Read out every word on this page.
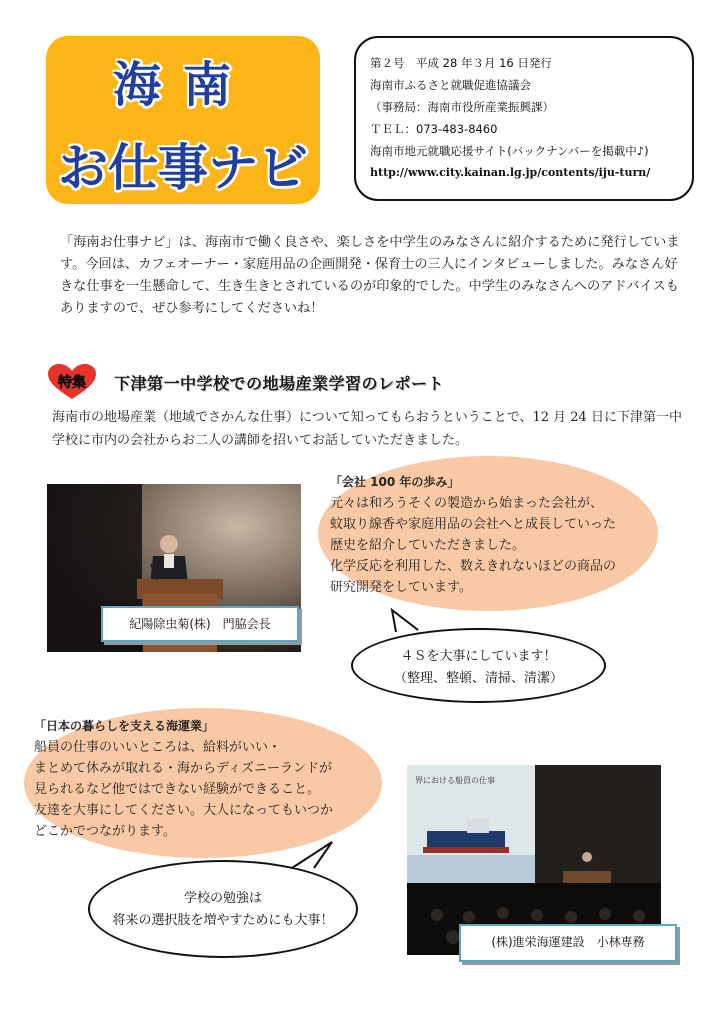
海南
お仕事ナビ
第２号　平成 28 年３月 16 日発行
海南市ふるさと就職促進協議会
（事務局：海南市役所産業振興課）
ＴＥＬ：073-483-8460
海南市地元就職応援サイト(バックナンバーを掲載中♪)
http://www.city.kainan.lg.jp/contents/iju-turn/
「海南お仕事ナビ」は、海南市で働く良さや、楽しさを中学生のみなさんに紹介するために発行しています。今回は、カフェオーナー・家庭用品の企画開発・保育士の三人にインタビューしました。みなさん好きな仕事を一生懸命して、生き生きとされているのが印象的でした。中学生のみなさんへのアドバイスもありますので、ぜひ参考にしてくださいね！
特集 下津第一中学校での地場産業学習のレポート
海南市の地場産業（地域でさかんな仕事）について知ってもらおうということで、12 月 24 日に下津第一中学校に市内の会社からお二人の講師を招いてお話していただきました。
紀陽除虫菊(株)　門脇会長
「会社 100 年の歩み」
元々は和ろうそくの製造から始まった会社が、
蚊取り線香や家庭用品の会社へと成長していった
歴史を紹介していただきました。
化学反応を利用した、数えきれないほどの商品の
研究開発をしています。
４Ｓを大事にしています！
（整理、整頓、清掃、清潔）
「日本の暮らしを支える海運業」
船員の仕事のいいところは、給料がいい・
まとめて休みが取れる・海からディズニーランドが
見られるなど他ではできない経験ができること。
友達を大事にしてください。大人になってもいつか
どこかでつながります。
学校の勉強は
将来の選択肢を増やすためにも大事！
界における船員の仕事
(株)進栄海運建設　小林専務
